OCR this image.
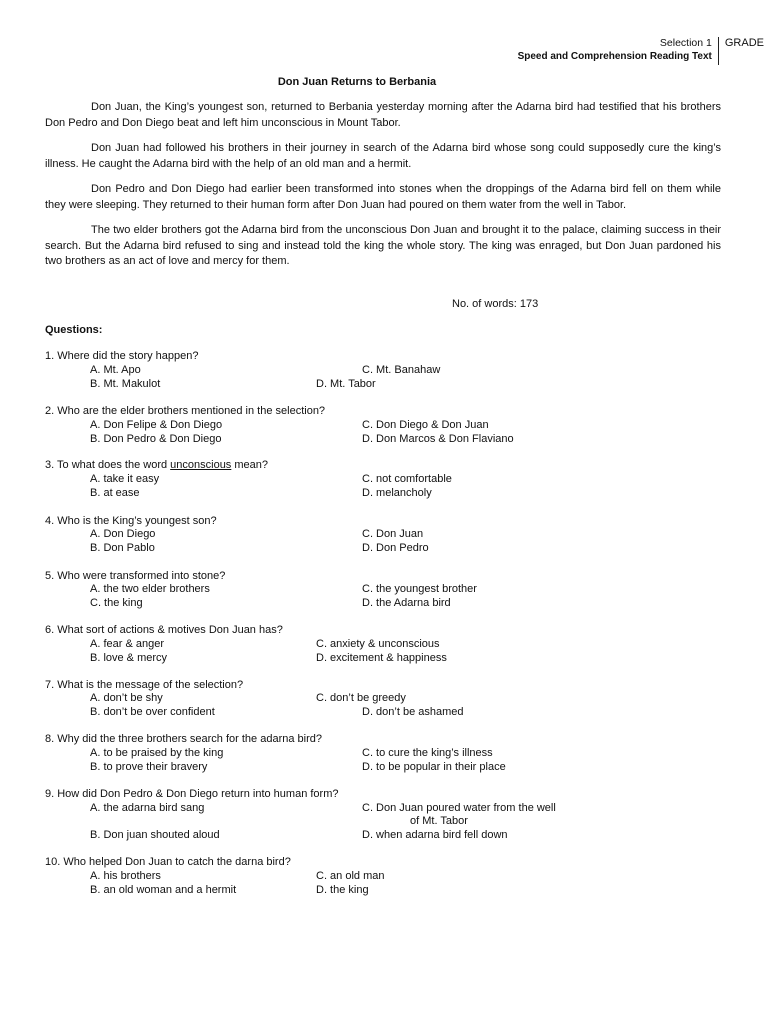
Selection 1
Speed and Comprehension Reading Text
GRADE
Don Juan Returns to Berbania

Don Juan, the King’s youngest son, returned to Berbania yesterday morning after the Adarna bird had testified that his brothers Don Pedro and Don Diego beat and left him unconscious in Mount Tabor.

Don Juan had followed his brothers in their journey in search of the Adarna bird whose song could supposedly cure the king’s illness. He caught the Adarna bird with the help of an old man and a hermit.

Don Pedro and Don Diego had earlier been transformed into stones when the droppings of the Adarna bird fell on them while they were sleeping. They returned to their human form after Don Juan had poured on them water from the well in Tabor.

The two elder brothers got the Adarna bird from the unconscious Don Juan and brought it to the palace, claiming success in their search. But the Adarna bird refused to sing and instead told the king the whole story. The king was enraged, but Don Juan pardoned his two brothers as an act of love and mercy for them.

No. of words: 173
Questions:
1. Where did the story happen?
A. Mt. Apo
B. Mt. Makulot
C. Mt. Banahaw
D. Mt. Tabor
2. Who are the elder brothers mentioned in the selection?
A. Don Felipe & Don Diego
B. Don Pedro & Don Diego
C. Don Diego & Don Juan
D. Don Marcos & Don Flaviano
3. To what does the word unconscious mean?
A. take it easy
B. at ease
C. not comfortable
D. melancholy
4. Who is the King’s youngest son?
A. Don Diego
B. Don Pablo
C. Don Juan
D. Don Pedro
5. Who were transformed into stone?
A. the two elder brothers
C. the king
C. the youngest brother
D. the Adarna bird
6. What sort of actions & motives Don Juan has?
A. fear & anger
B. love & mercy
C. anxiety & unconscious
D. excitement & happiness
7. What is the message of the selection?
A. don’t be shy
B. don’t be over confident
C. don’t be greedy
D. don’t be ashamed
8. Why did the three brothers search for the adarna bird?
A. to be praised by the king
B. to prove their bravery
C. to cure the king’s illness
D. to be popular in their place
9. How did Don Pedro & Don Diego return into human form?
A. the adarna bird sang
B. Don juan shouted aloud
C. Don Juan poured water from the well
of Mt. Tabor
D. when adarna bird fell down
10. Who helped Don Juan to catch the darna bird?
A. his brothers
B. an old woman and a hermit
C. an old man
D. the king
